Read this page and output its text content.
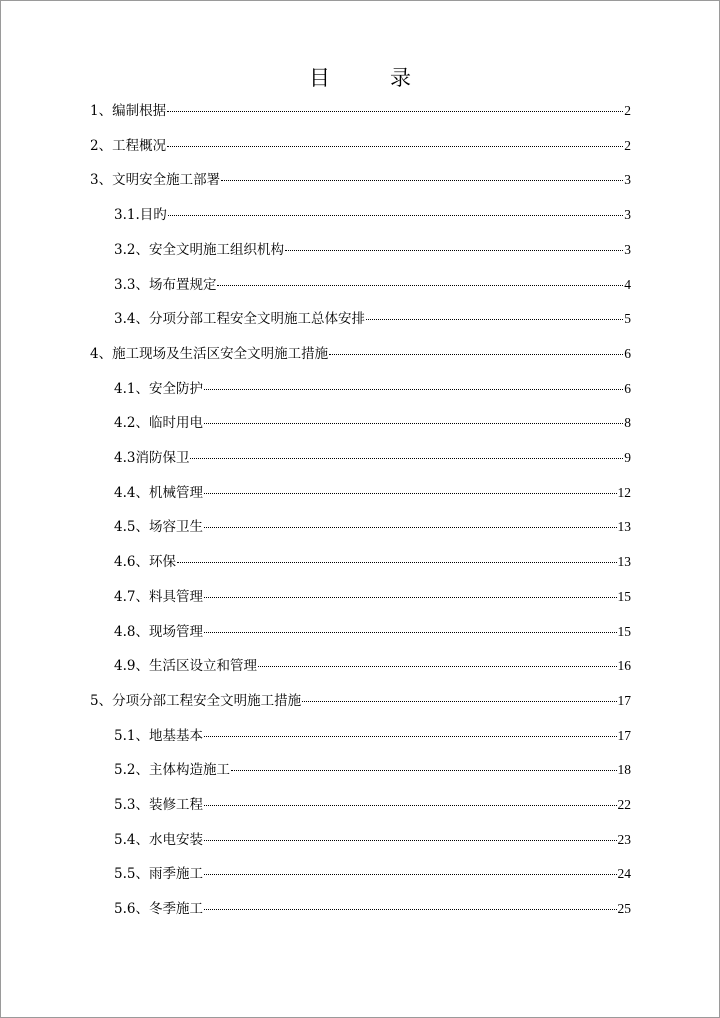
目	录
1、编制根据	2
2、工程概况	2
3、文明安全施工部署	3
3.1.目旳	3
3.2、安全文明施工组织机构	3
3.3、场布置规定	4
3.4、分项分部工程安全文明施工总体安排	5
4、施工现场及生活区安全文明施工措施	6
4.1、安全防护	6
4.2、临时用电	8
4.3消防保卫	9
4.4、机械管理	12
4.5、场容卫生	13
4.6、环保	13
4.7、料具管理	15
4.8、现场管理	15
4.9、生活区设立和管理	16
5、分项分部工程安全文明施工措施	17
5.1、地基基本	17
5.2、主体构造施工	18
5.3、装修工程	22
5.4、水电安装	23
5.5、雨季施工	24
5.6、冬季施工	25
